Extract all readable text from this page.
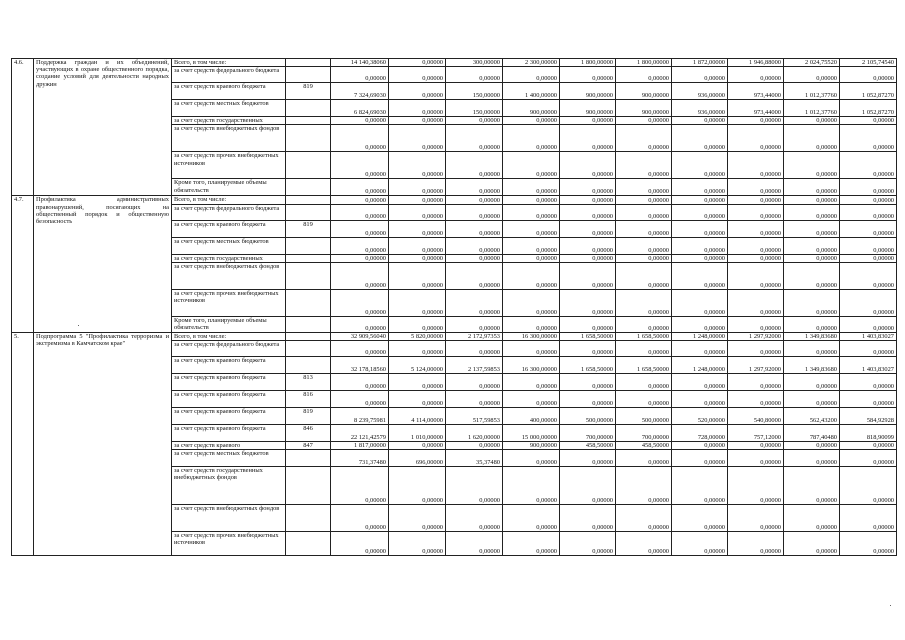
4.6.	Поддержка граждан и их объединений, участвующих в охране общественного порядка, создание условий для деятельности народных дружин	Всего, в том числе:		14 140,38060	0,00000	300,00000	2 300,00000	1 800,00000	1 800,00000	1 872,00000	1 946,88000	2 024,75520	2 105,74540
		за счет средств федерального бюджета		0,00000	0,00000	0,00000	0,00000	0,00000	0,00000	0,00000	0,00000	0,00000	0,00000
		за счет средств краевого бюджета	819	7 324,69030	0,00000	150,00000	1 400,00000	900,00000	900,00000	936,00000	973,44000	1 012,37760	1 052,87270
		за счет средств местных бюджетов		6 824,69030	0,00000	150,00000	900,00000	900,00000	900,00000	936,00000	973,44000	1 012,37760	1 052,87270
		за счет средств государственных		0,00000	0,00000	0,00000	0,00000	0,00000	0,00000	0,00000	0,00000	0,00000	0,00000
		за счет средств внебюджетных фондов		0,00000	0,00000	0,00000	0,00000	0,00000	0,00000	0,00000	0,00000	0,00000	0,00000
		за счет средств прочих внебюджетных источников		0,00000	0,00000	0,00000	0,00000	0,00000	0,00000	0,00000	0,00000	0,00000	0,00000
		Кроме того, планируемые объемы обязательств		0,00000	0,00000	0,00000	0,00000	0,00000	0,00000	0,00000	0,00000	0,00000	0,00000
4.7.	Профилактика административных правонарушений, посягающих на общественный порядок и общественную безопасность	Всего, в том числе:		0,00000	0,00000	0,00000	0,00000	0,00000	0,00000	0,00000	0,00000	0,00000	0,00000
		за счет средств федерального бюджета		0,00000	0,00000	0,00000	0,00000	0,00000	0,00000	0,00000	0,00000	0,00000	0,00000
		за счет средств краевого бюджета	819	0,00000	0,00000	0,00000	0,00000	0,00000	0,00000	0,00000	0,00000	0,00000	0,00000
		за счет средств местных бюджетов		0,00000	0,00000	0,00000	0,00000	0,00000	0,00000	0,00000	0,00000	0,00000	0,00000
		за счет средств государственных		0,00000	0,00000	0,00000	0,00000	0,00000	0,00000	0,00000	0,00000	0,00000	0,00000
		за счет средств внебюджетных фондов		0,00000	0,00000	0,00000	0,00000	0,00000	0,00000	0,00000	0,00000	0,00000	0,00000
		за счет средств прочих внебюджетных источников		0,00000	0,00000	0,00000	0,00000	0,00000	0,00000	0,00000	0,00000	0,00000	0,00000
		Кроме того, планируемые объемы обязательств		0,00000	0,00000	0,00000	0,00000	0,00000	0,00000	0,00000	0,00000	0,00000	0,00000
5.	Подпрограмма 5 "Профилактика терроризма и экстремизма в Камчатском крае"	Всего, в том числе:		32 909,56040	5 820,00000	2 172,97353	16 300,00000	1 658,50000	1 658,50000	1 248,00000	1 297,92000	1 349,83680	1 403,83027
		за счет средств федерального бюджета		0,00000	0,00000	0,00000	0,00000	0,00000	0,00000	0,00000	0,00000	0,00000	0,00000
		за счет средств краевого бюджета		32 178,18560	5 124,00000	2 137,59853	16 300,00000	1 658,50000	1 658,50000	1 248,00000	1 297,92000	1 349,83680	1 403,83027
		за счет средств краевого бюджета	813	0,00000	0,00000	0,00000	0,00000	0,00000	0,00000	0,00000	0,00000	0,00000	0,00000
		за счет средств краевого бюджета	816	0,00000	0,00000	0,00000	0,00000	0,00000	0,00000	0,00000	0,00000	0,00000	0,00000
		за счет средств краевого бюджета	819	8 239,75981	4 114,00000	517,59853	400,00000	500,00000	500,00000	520,00000	540,80000	562,43200	584,92928
		за счет средств краевого бюджета	846	22 121,42579	1 010,00000	1 620,00000	15 000,00000	700,00000	700,00000	728,00000	757,12000	787,40480	818,90099
		за счет средств краевого	847	1 817,00000	0,00000	0,00000	900,00000	458,50000	458,50000	0,00000	0,00000	0,00000	0,00000
		за счет средств местных бюджетов		731,37480	696,00000	35,37480	0,00000	0,00000	0,00000	0,00000	0,00000	0,00000	0,00000
		за счет средств государственных внебюджетных фондов		0,00000	0,00000	0,00000	0,00000	0,00000	0,00000	0,00000	0,00000	0,00000	0,00000
		за счет средств внебюджетных фондов		0,00000	0,00000	0,00000	0,00000	0,00000	0,00000	0,00000	0,00000	0,00000	0,00000
		за счет средств прочих внебюджетных источников		0,00000	0,00000	0,00000	0,00000	0,00000	0,00000	0,00000	0,00000	0,00000	0,00000
